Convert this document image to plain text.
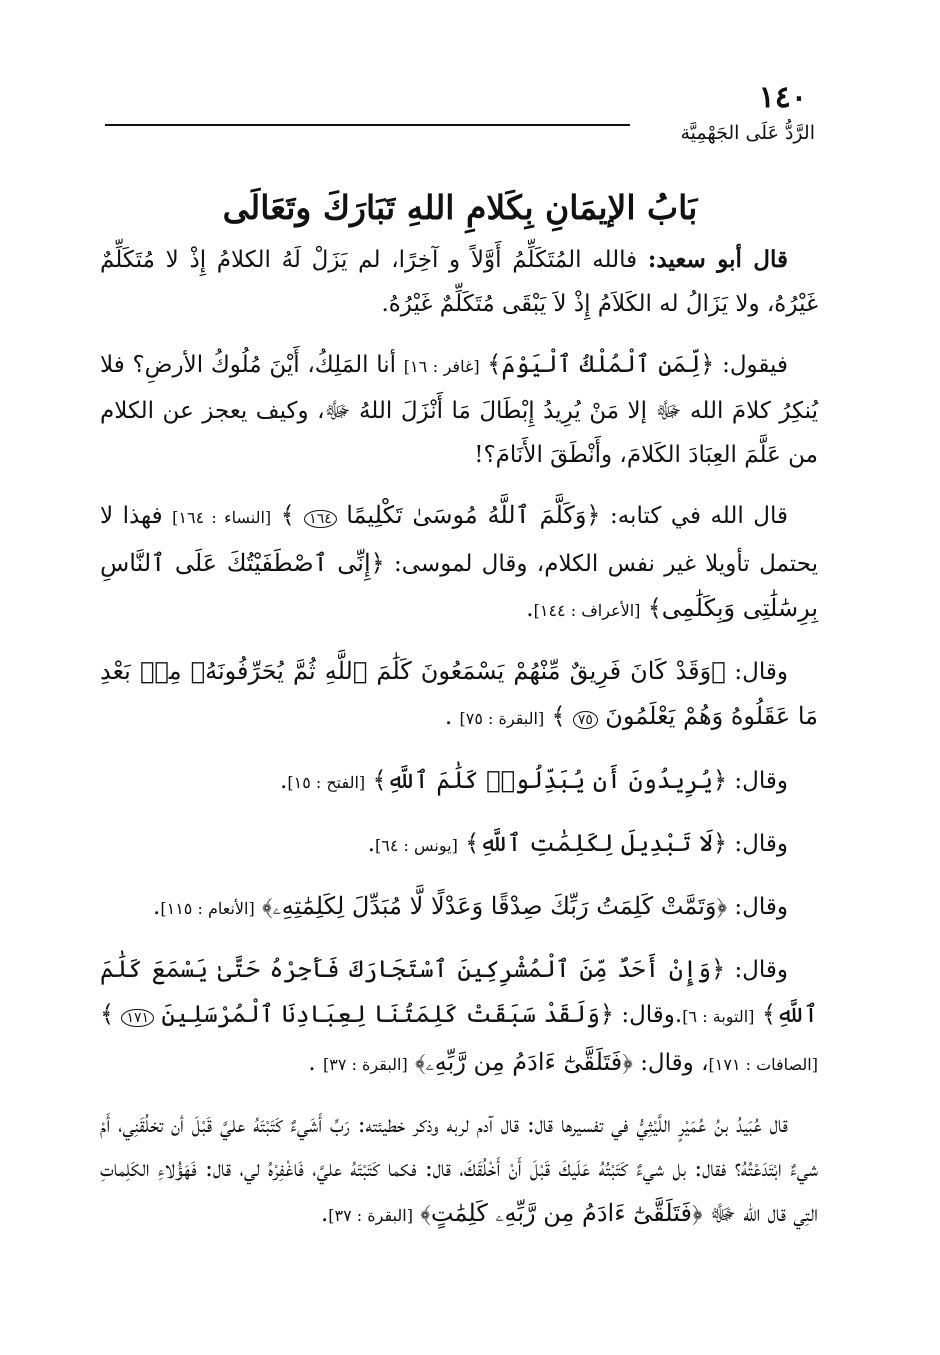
١٤٠
الرَّدُّ عَلَى الجَهْمِيَّة
بَابُ الإيمَانِ بِكَلامِ اللهِ تَبَارَكَ وتَعَالَى

قال أبو سعيد: فالله المُتَكَلِّمُ أَوَّلاً و آخِرًا، لم يَزَلْ لَهُ الكلامُ إِذْ لا مُتَكَلِّمٌ غَيْرُهُ، ولا يَزَالُ له الكَلاَمُ إِذْ لاَ يَبْقَى مُتَكَلِّمٌ غَيْرُهُ.

فيقول: ﴿لِّمَنِ ٱلْمُلْكُ ٱلْيَوْمَ﴾ [غافر : ١٦] أنا المَلِكُ، أَيْنَ مُلُوكُ الأرضِ؟ فلا يُنكِرُ كلامَ الله ﷻ إلا مَنْ يُرِيدُ إِبْطَالَ مَا أَنْزَلَ اللهُ ﷻ، وكيف يعجز عن الكلام من عَلَّمَ العِبَادَ الكَلامَ، وأَنْطَقَ الأَنَامَ؟!

قال الله في كتابه: ﴿وَكَلَّمَ ٱللَّهُ مُوسَىٰ تَكْلِيمًا ١٦٤ ﴾ [النساء : ١٦٤] فهذا لا يحتمل تأويلا غير نفس الكلام، وقال لموسى: ﴿إِنِّى ٱصْطَفَيْتُكَ عَلَى ٱلنَّاسِ بِرِسَٰلَٰتِى وَبِكَلَٰمِى﴾ [الأعراف : ١٤٤].

وقال: ﴿وَقَدْ كَانَ فَرِيقٌ مِّنْهُمْ يَسْمَعُونَ كَلَٰمَ ٱللَّهِ ثُمَّ يُحَرِّفُونَهُۥ مِنۢ بَعْدِ مَا عَقَلُوهُ وَهُمْ يَعْلَمُونَ ٧٥ ﴾ [البقرة : ٧٥] .

وقال: ﴿يُرِيدُونَ أَن يُبَدِّلُوا۟ كَلَٰمَ ٱللَّهِ﴾ [الفتح : ١٥].

وقال: ﴿لَا تَبْدِيلَ لِكَلِمَٰتِ ٱللَّهِ﴾ [يونس : ٦٤].

وقال: ﴿وَتَمَّتْ كَلِمَتُ رَبِّكَ صِدْقًا وَعَدْلًا لَّا مُبَدِّلَ لِكَلِمَٰتِهِۦ﴾ [الأنعام : ١١٥].

وقال: ﴿وَإِنْ أَحَدٌ مِّنَ ٱلْمُشْرِكِينَ ٱسْتَجَارَكَ فَأَجِرْهُ حَتَّىٰ يَسْمَعَ كَلَٰمَ ٱللَّهِ﴾ [التوبة : ٦].وقال: ﴿وَلَقَدْ سَبَقَتْ كَلِمَتُنَا لِعِبَادِنَا ٱلْمُرْسَلِينَ ١٧١ ﴾ [الصافات : ١٧١]، وقال: ﴿فَتَلَقَّىٰٓ ءَادَمُ مِن رَّبِّهِۦ﴾ [البقرة : ٣٧] .

قال عُبَيدُ بنُ عُمَيْرٍ اللَّيْثِيُّ في تفسيرها قال: قال آدم لربه وذكر خطيئته: رَبِّ أَشَيءٌ كَتَبْتَهُ عليَّ قَبْلَ أن تخلُقَنِي، أَمْ شيءٌ ابْتَدَعْتُهُ؟ فقال: بل شيءٌ كَتَبْتُهُ عَلَيكَ قَبْلَ أَنْ أَخْلُقَكَ، قال: فكما كَتَبْتَهُ عليَّ، فَاغْفِرْهُ لي، قال: فَهَؤُلاءِ الكَلِماتِ التِي قال الله ﷻ ﴿فَتَلَقَّىٰٓ ءَادَمُ مِن رَّبِّهِۦ كَلِمَٰتٍ﴾ [البقرة : ٣٧].
